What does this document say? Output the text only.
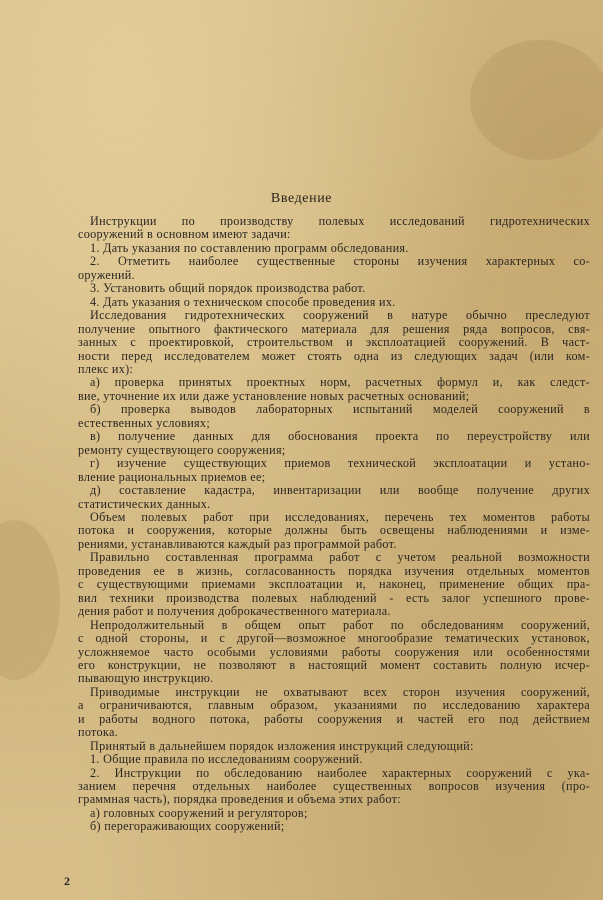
Введение
Инструкции по производству полевых исследований гидротехнических
сооружений в основном имеют задачи:
1. Дать указания по составлению программ обследования.
2. Отметить наиболее существенные стороны изучения характерных со-
оружений.
3. Установить общий порядок производства работ.
4. Дать указания о техническом способе проведения их.
Исследования гидротехнических сооружений в натуре обычно преследуют
получение опытного фактического материала для решения ряда вопросов, свя-
занных с проектировкой, строительством и эксплоатацией сооружений. В част-
ности перед исследователем может стоять одна из следующих задач (или ком-
плекс их):
а) проверка принятых проектных норм, расчетных формул и, как следст-
вие, уточнение их или даже установление новых расчетных оснований;
б) проверка выводов лабораторных испытаний моделей сооружений в
естественных условиях;
в) получение данных для обоснования проекта по переустройству или
ремонту существующего сооружения;
г) изучение существующих приемов технической эксплоатации и устано-
вление рациональных приемов ее;
д) составление кадастра, инвентаризации или вообще получение других
статистических данных.
Объем полевых работ при исследованиях, перечень тех моментов работы
потока и сооружения, которые должны быть освещены наблюдениями и изме-
рениями, устанавливаются каждый раз программой работ.
Правильно составленная программа работ с учетом реальной возможности
проведения ее в жизнь, согласованность порядка изучения отдельных моментов
с существующими приемами эксплоатации и, наконец, применение общих пра-
вил техники производства полевых наблюдений - есть залог успешного прове-
дения работ и получения доброкачественного материала.
Непродолжительный в общем опыт работ по обследованиям сооружений,
с одной стороны, и с другой—возможное многообразие тематических установок,
усложняемое часто особыми условиями работы сооружения или особенностями
его конструкции, не позволяют в настоящий момент составить полную исчер-
пывающую инструкцию.
Приводимые инструкции не охватывают всех сторон изучения сооружений,
а ограничиваются, главным образом, указаниями по исследованию характера
и работы водного потока, работы сооружения и частей его под действием
потока.
Принятый в дальнейшем порядок изложения инструкций следующий:
1. Общие правила по исследованиям сооружений.
2. Инструкции по обследованию наиболее характерных сооружений с ука-
занием перечня отдельных наиболее существенных вопросов изучения (про-
граммная часть), порядка проведения и объема этих работ:
а) головных сооружений и регуляторов;
б) перегораживающих сооружений;
2
